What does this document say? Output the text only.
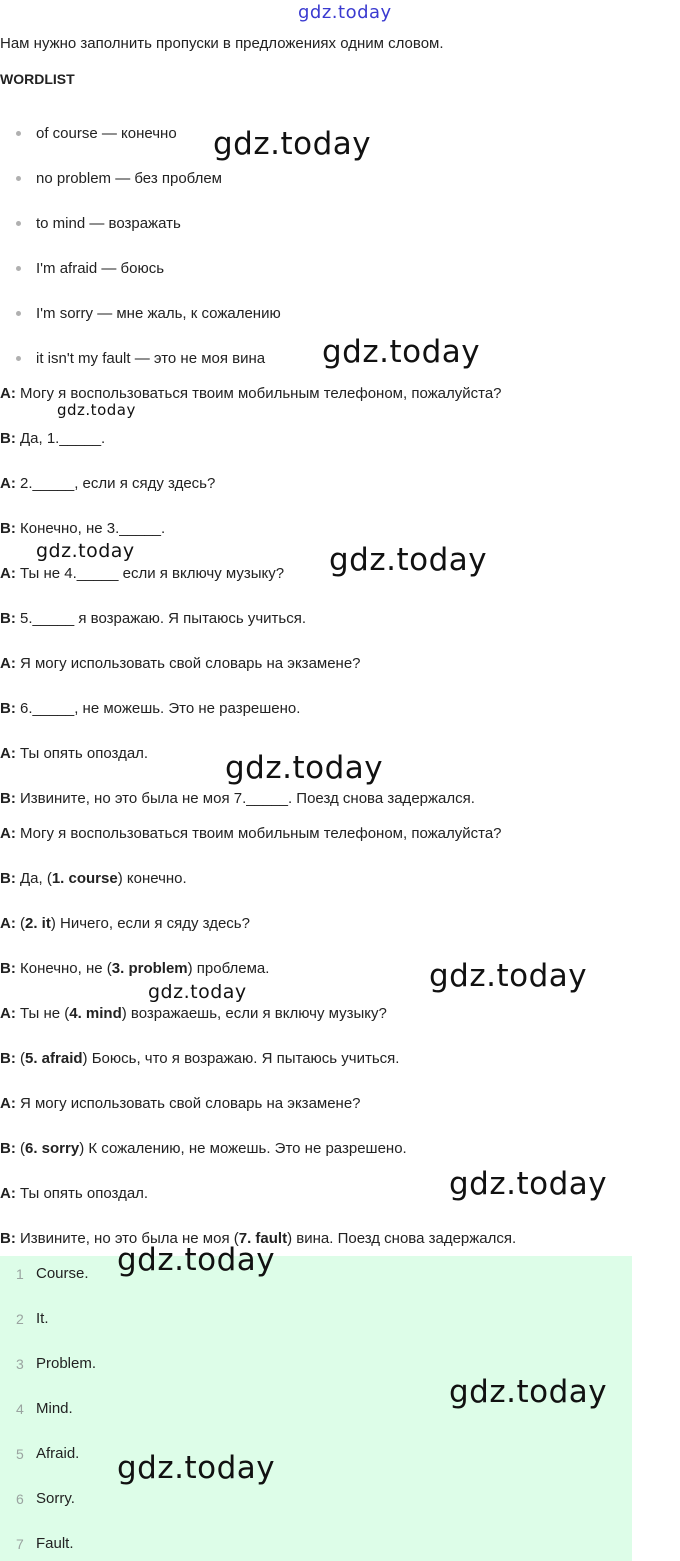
gdz.today
Нам нужно заполнить пропуски в предложениях одним словом.
WORDLIST
of course — конечно
no problem — без проблем
to mind — возражать
I'm afraid — боюсь
I'm sorry — мне жаль, к сожалению
it isn't my fault — это не моя вина
A: Могу я воспользоваться твоим мобильным телефоном, пожалуйста?
B: Да, 1._____.
A: 2._____, если я сяду здесь?
B: Конечно, не 3._____.
A: Ты не 4._____ если я включу музыку?
B: 5._____ я возражаю. Я пытаюсь учиться.
A: Я могу использовать свой словарь на экзамене?
B: 6._____, не можешь. Это не разрешено.
A: Ты опять опоздал.
B: Извините, но это была не моя 7._____. Поезд снова задержался.
A: Могу я воспользоваться твоим мобильным телефоном, пожалуйста?
B: Да, (1. course) конечно.
A: (2. it) Ничего, если я сяду здесь?
B: Конечно, не (3. problem) проблема.
A: Ты не (4. mind) возражаешь, если я включу музыку?
B: (5. afraid) Боюсь, что я возражаю. Я пытаюсь учиться.
A: Я могу использовать свой словарь на экзамене?
B: (6. sorry) К сожалению, не можешь. Это не разрешено.
A: Ты опять опоздал.
B: Извините, но это была не моя (7. fault) вина. Поезд снова задержался.
1 Course.
2 It.
3 Problem.
4 Mind.
5 Afraid.
6 Sorry.
7 Fault.
gdz.today
gdz.today
gdz.today
gdz.today	gdz.today
gdz.today
gdz.today
gdz.today
gdz.today
gdz.today
gdz.today
gdz.today
